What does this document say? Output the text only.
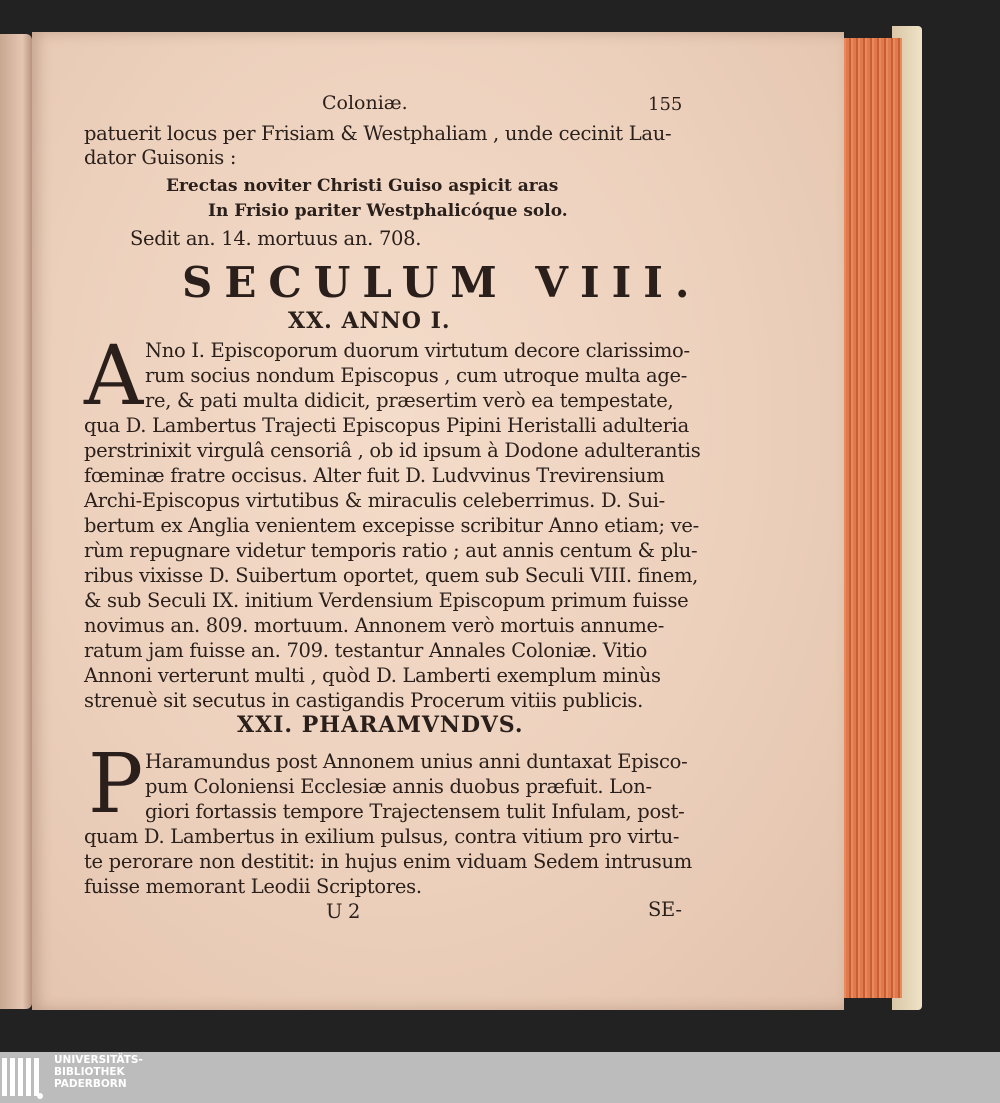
Coloniæ.	155
patuerit locus per Frisiam & Westphaliam , unde cecinit Lau-
dator Guisonis :
Erectas noviter Christi Guiso aspicit aras
In Frisio pariter Westphalicóque solo.
Sedit an. 14. mortuus an. 708.
SECULUM VIII.
XX. ANNO I.
A Nno I. Episcoporum duorum virtutum decore clarissimo-
rum socius nondum Episcopus , cum utroque multa age-
re, & pati multa didicit, præsertim verò ea tempestate,
qua D. Lambertus Trajecti Episcopus Pipini Heristalli adulteria
perstrinixit virgulâ censoriâ , ob id ipsum à Dodone adulterantis
fœminæ fratre occisus. Alter fuit D. Ludvvinus Trevirensium
Archi-Episcopus virtutibus & miraculis celeberrimus. D. Sui-
bertum ex Anglia venientem excepisse scribitur Anno etiam; ve-
rùm repugnare videtur temporis ratio ; aut annis centum & plu-
ribus vixisse D. Suibertum oportet, quem sub Seculi VIII. finem,
& sub Seculi IX. initium Verdensium Episcopum primum fuisse
novimus an. 809. mortuum. Annonem verò mortuis annume-
ratum jam fuisse an. 709. testantur Annales Coloniæ. Vitio
Annoni verterunt multi , quòd D. Lamberti exemplum minùs
strenuè sit secutus in castigandis Procerum vitiis publicis.
XXI. PHARAMVNDVS.
P Haramundus post Annonem unius anni duntaxat Episco-
pum Coloniensi Ecclesiæ annis duobus præfuit. Lon-
giori fortassis tempore Trajectensem tulit Infulam, post-
quam D. Lambertus in exilium pulsus, contra vitium pro virtu-
te perorare non destitit: in hujus enim viduam Sedem intrusum
fuisse memorant Leodii Scriptores.
U 2	SE-
UNIVERSITÄTS-
BIBLIOTHEK
PADERBORN
